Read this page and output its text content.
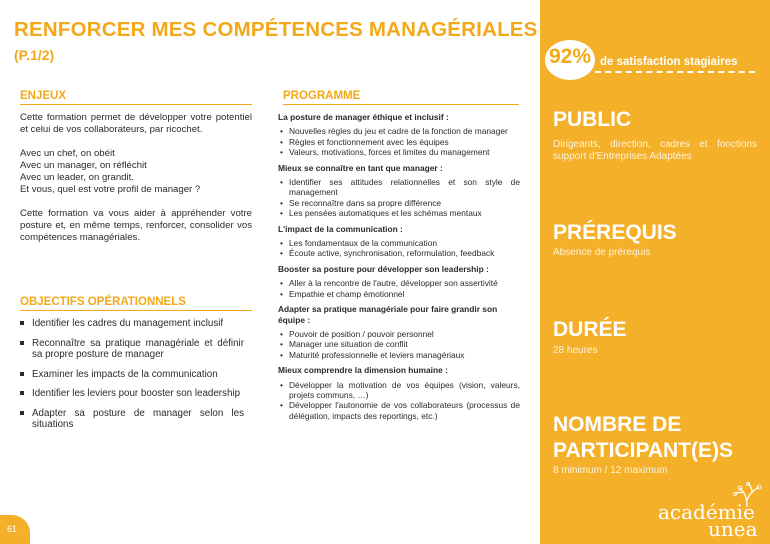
RENFORCER MES COMPÉTENCES MANAGÉRIALES
(P.1/2)
ENJEUX

Cette formation permet de développer votre potentiel et celui de vos collaborateurs, par ricochet.

Avec un chef, on obéit
Avec un manager, on réfléchit
Avec un leader, on grandit.
Et vous, quel est votre profil de manager ?

Cette formation va vous aider à appréhender votre posture et, en même temps, renforcer, consolider vos compétences managériales.

OBJECTIFS OPÉRATIONNELS
Identifier les cadres du management inclusif
Reconnaître sa pratique managériale et définir sa propre posture de manager
Examiner les impacts de la communication
Identifier les leviers pour booster son leadership
Adapter sa posture de manager selon les situations
PROGRAMME
La posture de manager éthique et inclusif :
• Nouvelles règles du jeu et cadre de la fonction de manager
• Règles et fonctionnement avec les équipes
• Valeurs, motivations, forces et limites du management
Mieux se connaître en tant que manager :
• Identifier ses attitudes relationnelles et son style de management
• Se reconnaître dans sa propre différence
• Les pensées automatiques et les schémas mentaux
L'impact de la communication :
• Les fondamentaux de la communication
• Écoute active, synchronisation, reformulation, feedback
Booster sa posture pour développer son leadership :
• Aller à la rencontre de l'autre, développer son assertivité
• Empathie et champ émotionnel
Adapter sa pratique managériale pour faire grandir son équipe :
• Pouvoir de position / pouvoir personnel
• Manager une situation de conflit
• Maturité professionnelle et leviers managériaux
Mieux comprendre la dimension humaine :
• Développer la motivation de vos équipes (vision, valeurs, projets communs, …)
• Développer l'autonomie de vos collaborateurs (processus de délégation, impacts des reportings, etc.)
92% de satisfaction stagiaires
PUBLIC
Dirigeants, direction, cadres et fonctions support d'Entreprises Adaptées
PRÉREQUIS
Absence de prérequis
DURÉE
28 heures
NOMBRE DE PARTICIPANT(E)S
8 minimum / 12 maximum
académie
unea
61
